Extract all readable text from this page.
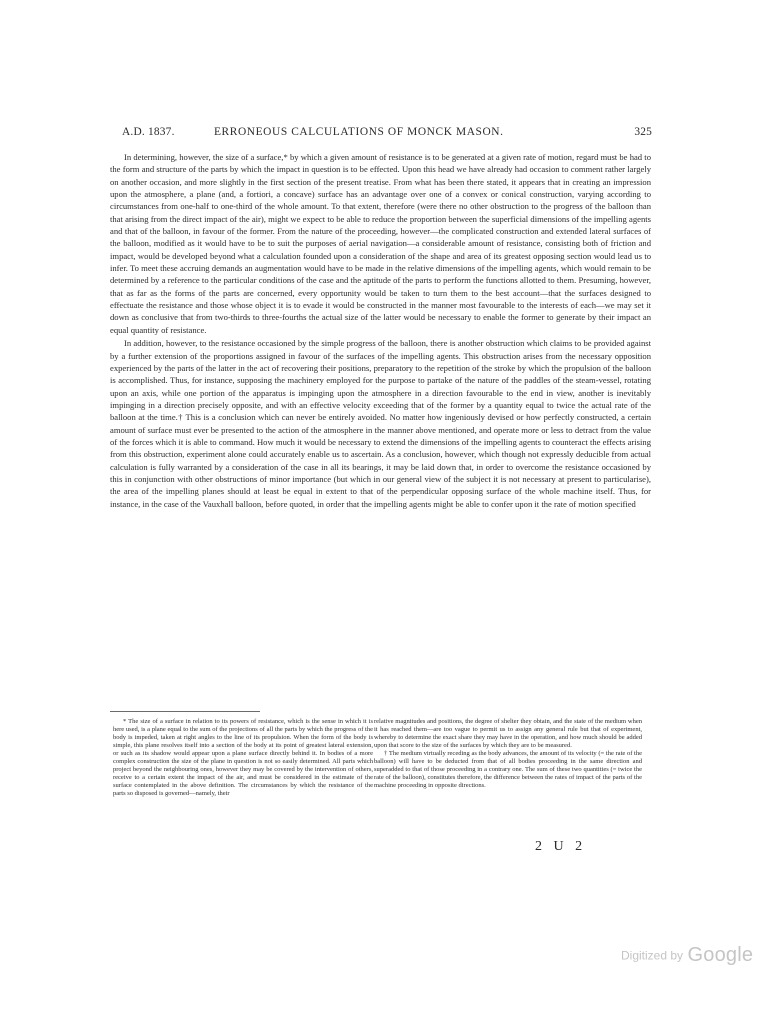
A.D. 1837.	ERRONEOUS CALCULATIONS OF MONCK MASON.	325

In determining, however, the size of a surface,* by which a given amount of resistance is to be generated at a given rate of motion, regard must be had to the form and structure of the parts by which the impact in question is to be effected. Upon this head we have already had occasion to comment rather largely on another occasion, and more slightly in the first section of the present treatise. From what has been there stated, it appears that in creating an impression upon the atmosphere, a plane (and, a fortiori, a concave) surface has an advantage over one of a convex or conical construction, varying according to circumstances from one-half to one-third of the whole amount. To that extent, therefore (were there no other obstruction to the progress of the balloon than that arising from the direct impact of the air), might we expect to be able to reduce the proportion between the superficial dimensions of the impelling agents and that of the balloon, in favour of the former. From the nature of the proceeding, however—the complicated construction and extended lateral surfaces of the balloon, modified as it would have to be to suit the purposes of aerial navigation—a considerable amount of resistance, consisting both of friction and impact, would be developed beyond what a calculation founded upon a consideration of the shape and area of its greatest opposing section would lead us to infer. To meet these accruing demands an augmentation would have to be made in the relative dimensions of the impelling agents, which would remain to be determined by a reference to the particular conditions of the case and the aptitude of the parts to perform the functions allotted to them. Presuming, however, that as far as the forms of the parts are concerned, every opportunity would be taken to turn them to the best account—that the surfaces designed to effectuate the resistance and those whose object it is to evade it would be constructed in the manner most favourable to the interests of each—we may set it down as conclusive that from two-thirds to three-fourths the actual size of the latter would be necessary to enable the former to generate by their impact an equal quantity of resistance.

In addition, however, to the resistance occasioned by the simple progress of the balloon, there is another obstruction which claims to be provided against by a further extension of the proportions assigned in favour of the surfaces of the impelling agents. This obstruction arises from the necessary opposition experienced by the parts of the latter in the act of recovering their positions, preparatory to the repetition of the stroke by which the propulsion of the balloon is accomplished. Thus, for instance, supposing the machinery employed for the purpose to partake of the nature of the paddles of the steam-vessel, rotating upon an axis, while one portion of the apparatus is impinging upon the atmosphere in a direction favourable to the end in view, another is inevitably impinging in a direction precisely opposite, and with an effective velocity exceeding that of the former by a quantity equal to twice the actual rate of the balloon at the time.† This is a conclusion which can never be entirely avoided. No matter how ingeniously devised or how perfectly constructed, a certain amount of surface must ever be presented to the action of the atmosphere in the manner above mentioned, and operate more or less to detract from the value of the forces which it is able to command. How much it would be necessary to extend the dimensions of the impelling agents to counteract the effects arising from this obstruction, experiment alone could accurately enable us to ascertain. As a conclusion, however, which though not expressly deducible from actual calculation is fully warranted by a consideration of the case in all its bearings, it may be laid down that, in order to overcome the resistance occasioned by this in conjunction with other obstructions of minor importance (but which in our general view of the subject it is not necessary at present to particularise), the area of the impelling planes should at least be equal in extent to that of the perpendicular opposing surface of the whole machine itself. Thus, for instance, in the case of the Vauxhall balloon, before quoted, in order that the impelling agents might be able to confer upon it the rate of motion specified

* The size of a surface in relation to its powers of resistance, which is the sense in which it is here used, is a plane equal to the sum of the projections of all the parts by which the progress of the body is impeded, taken at right angles to the line of its propulsion. When the form of the body is simple, this plane resolves itself into a section of the body at its point of greatest lateral extension, or such as its shadow would appear upon a plane surface directly behind it. In bodies of a more complex construction the size of the plane in question is not so easily determined. All parts which project beyond the neighbouring ones, however they may be covered by the intervention of others, receive to a certain extent the impact of the air, and must be considered in the estimate of the surface contemplated in the above definition. The circumstances by which the resistance of the parts so disposed is governed—namely, their

relative magnitudes and positions, the degree of shelter they obtain, and the state of the medium when it has reached them—are too vague to permit us to assign any general rule but that of experiment, whereby to determine the exact share they may have in the operation, and how much should be added upon that score to the size of the surfaces by which they are to be measured.

† The medium virtually receding as the body advances, the amount of its velocity (= the rate of the balloon) will have to be deducted from that of all bodies proceeding in the same direction and superadded to that of those proceeding in a contrary one. The sum of these two quantities (= twice the rate of the balloon), constitutes therefore, the difference between the rates of impact of the parts of the machine proceeding in opposite directions.

2 U 2
Digitized by Google
